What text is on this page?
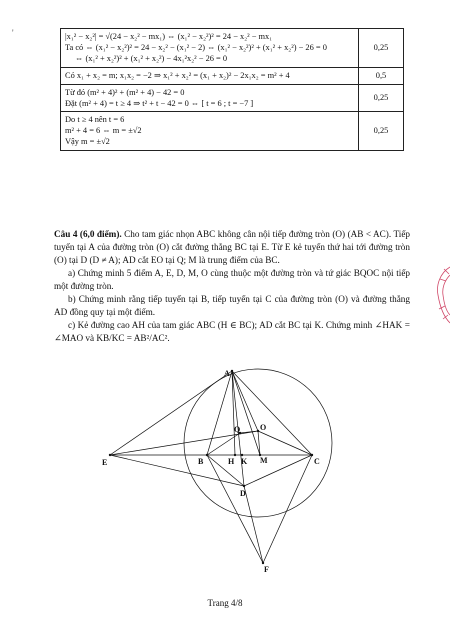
'	|x₁² − x₂²| = √(24 − x₂² − mx₁) ⇔ (x₁² − x₂²)² = 24 − x₂² − mx₁
Ta có ⇔ (x₁² − x₂²)² = 24 − x₂² − (x₁² − 2) ⇔ (x₁² − x₂²)² + (x₁² + x₂²) − 26 = 0
⇔ (x₁² + x₂²)² + (x₁² + x₂²) − 4x₁²x₂² − 26 = 0	0,25

Có x₁ + x₂ = m; x₁x₂ = −2 ⇒ x₁² + x₂² = (x₁ + x₂)² − 2x₁x₂ = m² + 4	0,5

Từ đó (m² + 4)² + (m² + 4) − 42 = 0
Đặt (m² + 4) = t ≥ 4 ⇒ t² + t − 42 = 0 ⇔ [ t = 6 ; t = −7 ]	0,25

Do t ≥ 4 nên t = 6
m² + 4 = 6 ⇔ m = ±√2
Vậy m = ±√2	0,25

Câu 4 (6,0 điểm). Cho tam giác nhọn ABC không cân nội tiếp đường tròn (O) (AB < AC). Tiếp tuyến tại A của đường tròn (O) cắt đường thẳng BC tại E. Từ E kẻ tuyến thứ hai tới đường tròn (O) tại D (D ≠ A); AD cắt EO tại Q; M là trung điểm của BC.

a) Chứng minh 5 điểm A, E, D, M, O cùng thuộc một đường tròn và tứ giác BQOC nội tiếp một đường tròn.

b) Chứng minh rằng tiếp tuyến tại B, tiếp tuyến tại C của đường tròn (O) và đường thẳng AD đồng quy tại một điểm.

c) Kẻ đường cao AH của tam giác ABC (H ∈ BC); AD cắt BC tại K. Chứng minh ∠HAK = ∠MAO và KB/KC = AB²/AC².

A
B	C
E	H K M
O
Q
D
F
Trang 4/8
